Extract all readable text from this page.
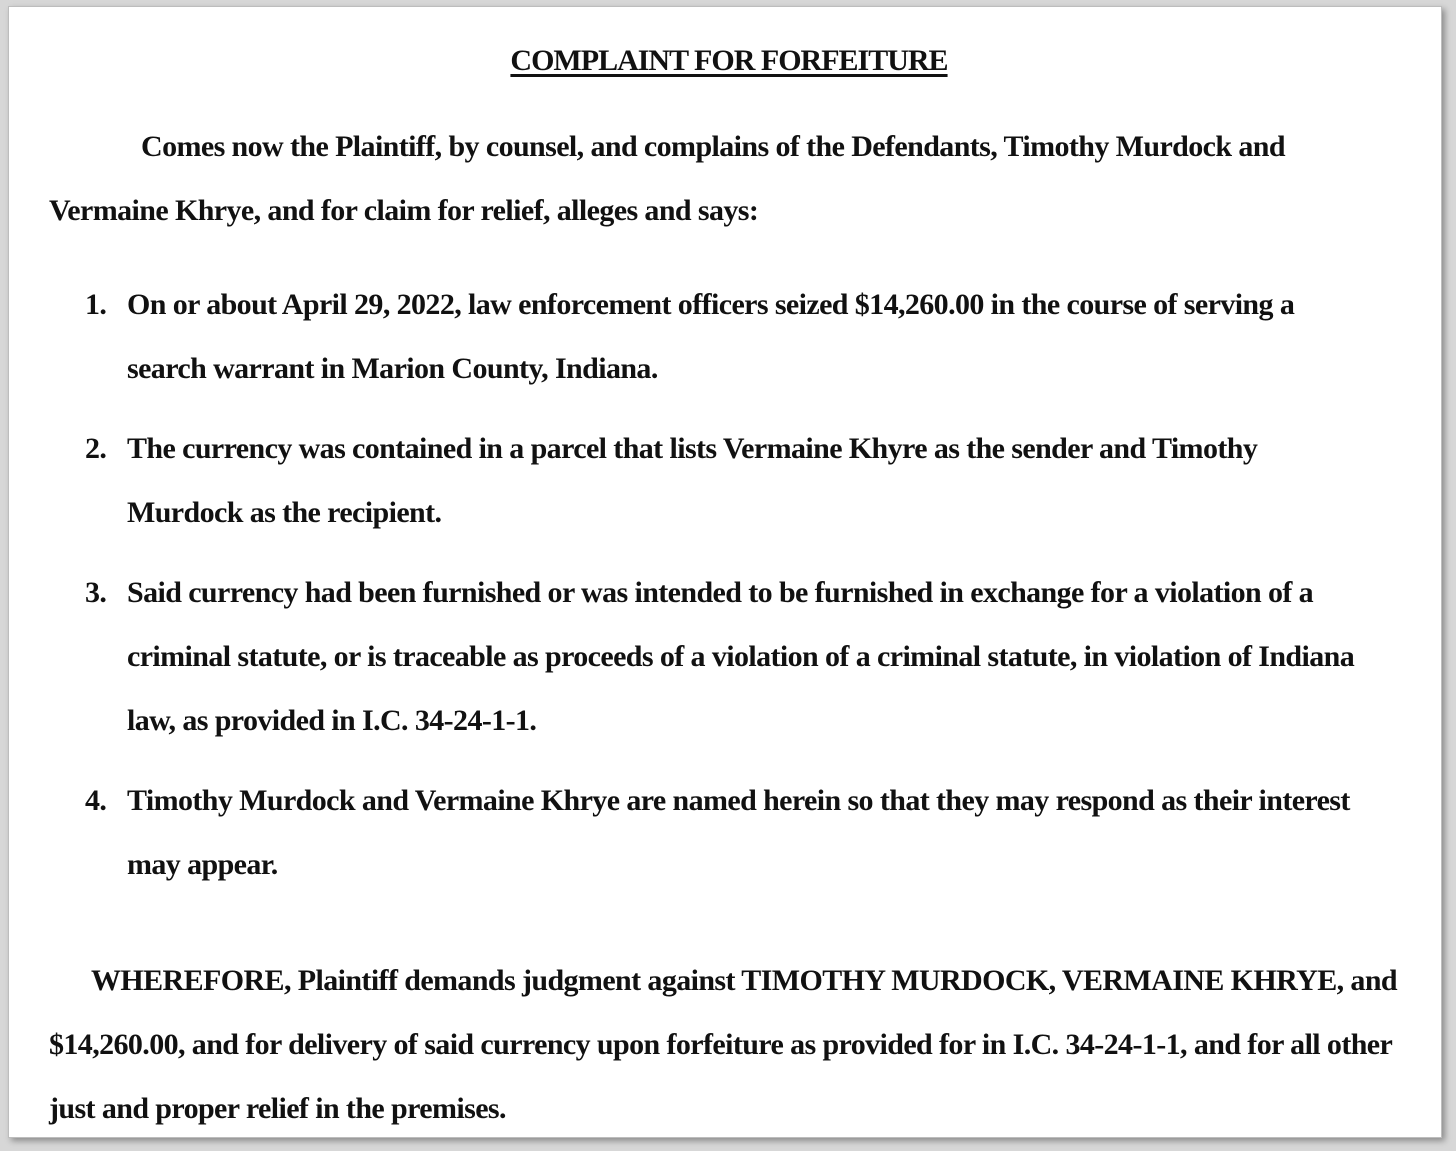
COMPLAINT FOR FORFEITURE

Comes now the Plaintiff, by counsel, and complains of the Defendants, Timothy Murdock and Vermaine Khrye, and for claim for relief, alleges and says:

1. On or about April 29, 2022, law enforcement officers seized $14,260.00 in the course of serving a search warrant in Marion County, Indiana.
2. The currency was contained in a parcel that lists Vermaine Khyre as the sender and Timothy Murdock as the recipient.
3. Said currency had been furnished or was intended to be furnished in exchange for a violation of a criminal statute, or is traceable as proceeds of a violation of a criminal statute, in violation of Indiana law, as provided in I.C. 34-24-1-1.
4. Timothy Murdock and Vermaine Khrye are named herein so that they may respond as their interest may appear.

WHEREFORE, Plaintiff demands judgment against TIMOTHY MURDOCK, VERMAINE KHRYE, and $14,260.00, and for delivery of said currency upon forfeiture as provided for in I.C. 34-24-1-1, and for all other just and proper relief in the premises.
